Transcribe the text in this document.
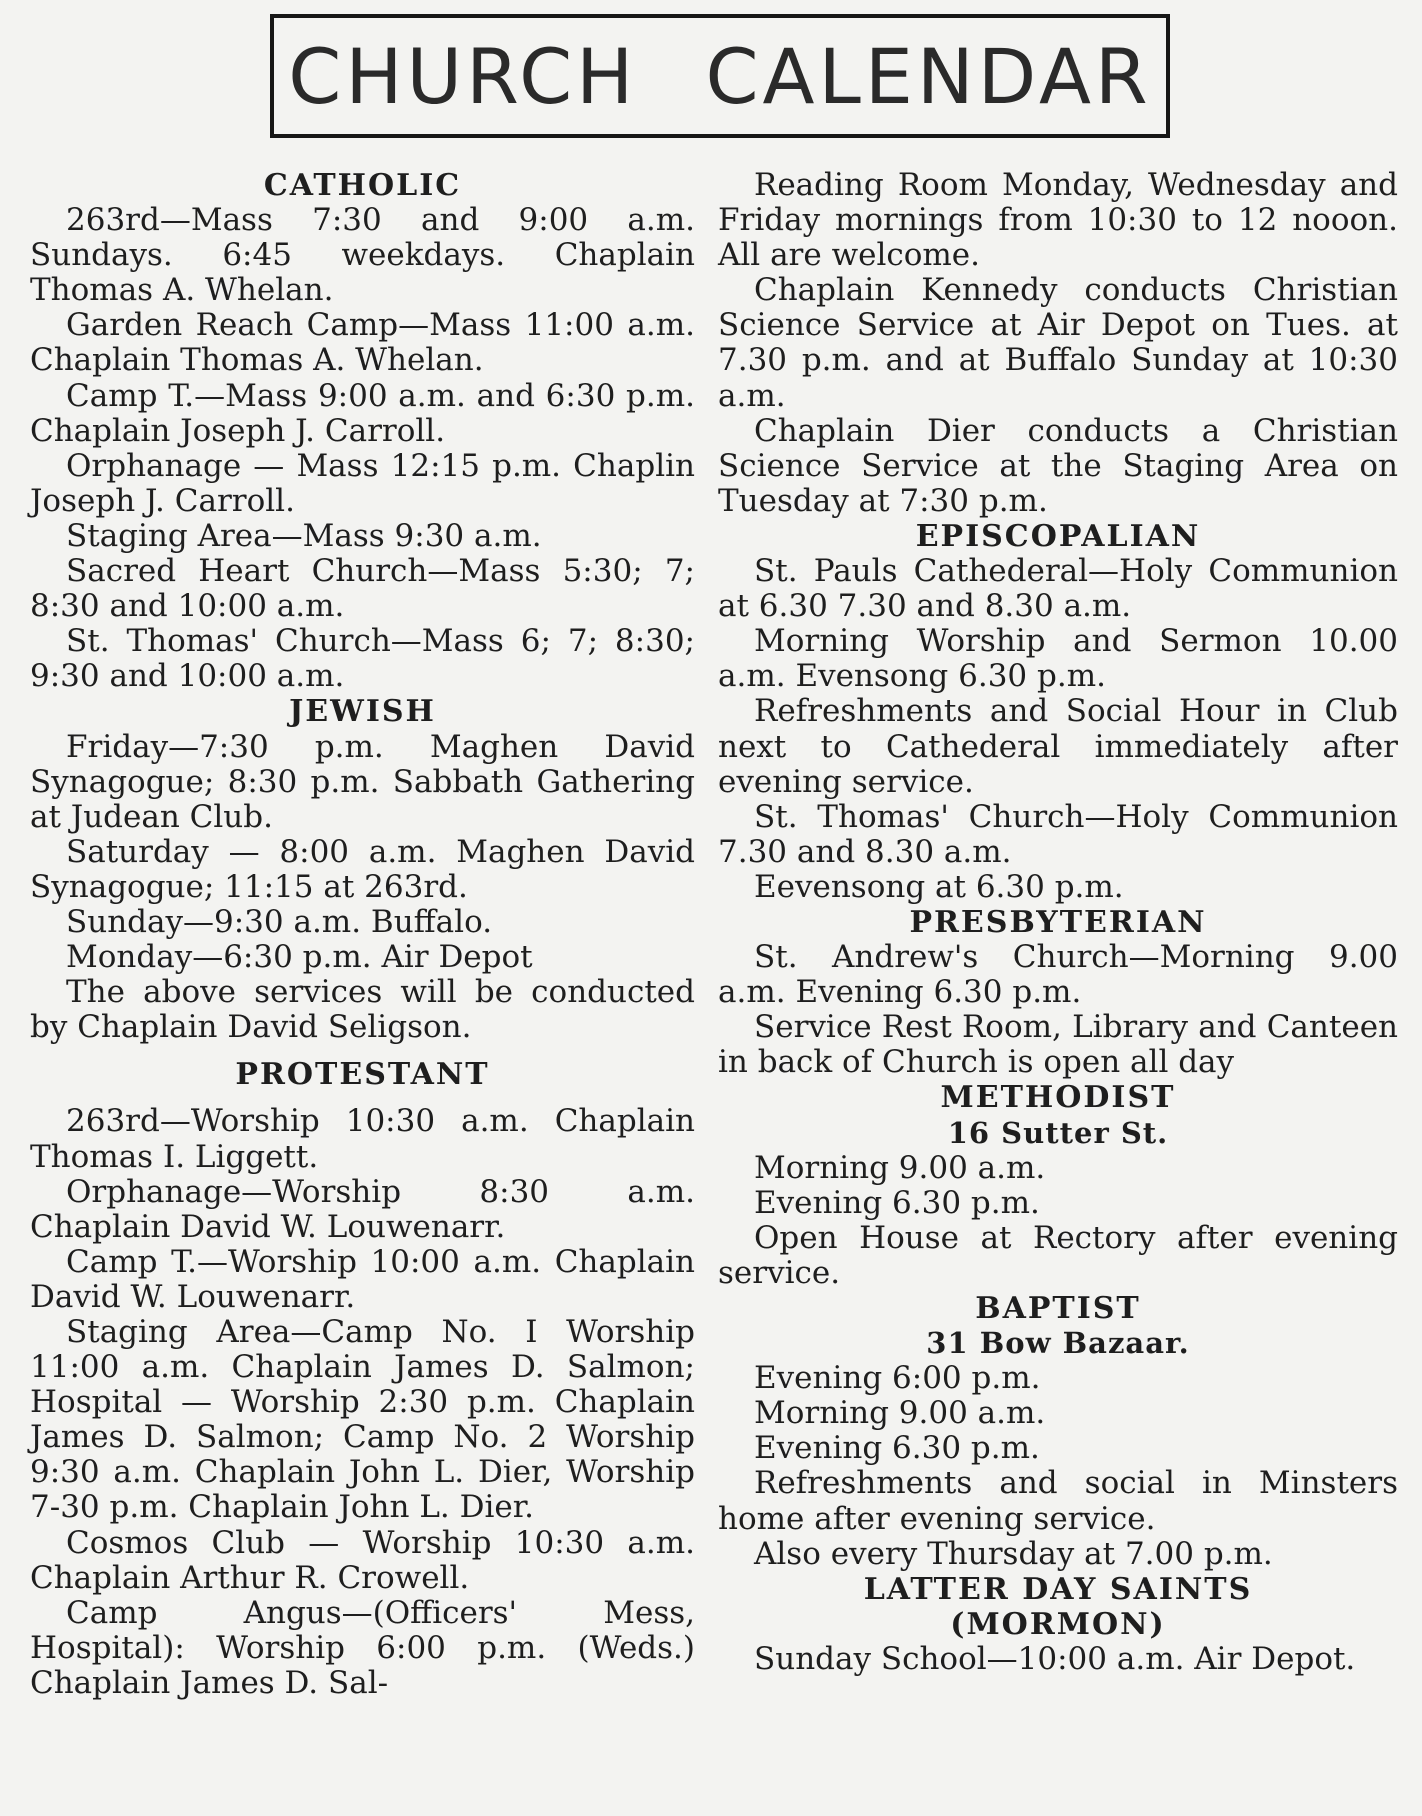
CHURCH CALENDAR
CATHOLIC

263rd—Mass 7:30 and 9:00 a.m. Sundays. 6:45 weekdays. Chaplain Thomas A. Whelan.

Garden Reach Camp—Mass 11:00 a.m. Chaplain Thomas A. Whelan.

Camp T.—Mass 9:00 a.m. and 6:30 p.m. Chaplain Joseph J. Carroll.

Orphanage — Mass 12:15 p.m. Chaplin Joseph J. Carroll.

Staging Area—Mass 9:30 a.m.

Sacred Heart Church—Mass 5:30; 7; 8:30 and 10:00 a.m.

St. Thomas' Church—Mass 6; 7; 8:30; 9:30 and 10:00 a.m.

JEWISH

Friday—7:30 p.m. Maghen David Synagogue; 8:30 p.m. Sabbath Gathering at Judean Club.

Saturday — 8:00 a.m. Maghen David Synagogue; 11:15 at 263rd.

Sunday—9:30 a.m. Buffalo.

Monday—6:30 p.m. Air Depot

The above services will be conducted by Chaplain David Seligson.

PROTESTANT

263rd—Worship 10:30 a.m. Chaplain Thomas I. Liggett.

Orphanage—Worship 8:30 a.m. Chaplain David W. Louwenarr.

Camp T.—Worship 10:00 a.m. Chaplain David W. Louwenarr.

Staging Area—Camp No. I Worship 11:00 a.m. Chaplain James D. Salmon; Hospital — Worship 2:30 p.m. Chaplain James D. Salmon; Camp No. 2 Worship 9:30 a.m. Chaplain John L. Dier, Worship 7-30 p.m. Chaplain John L. Dier.

Cosmos Club — Worship 10:30 a.m. Chaplain Arthur R. Crowell.

Camp Angus—(Officers' Mess, Hospital): Worship 6:00 p.m. (Weds.) Chaplain James D. Sal-

Reading Room Monday, Wednesday and Friday mornings from 10:30 to 12 nooon. All are welcome.

Chaplain Kennedy conducts Christian Science Service at Air Depot on Tues. at 7.30 p.m. and at Buffalo Sunday at 10:30 a.m.

Chaplain Dier conducts a Christian Science Service at the Staging Area on Tuesday at 7:30 p.m.

EPISCOPALIAN

St. Pauls Cathederal—Holy Communion at 6.30 7.30 and 8.30 a.m.

Morning Worship and Sermon 10.00 a.m. Evensong 6.30 p.m.

Refreshments and Social Hour in Club next to Cathederal immediately after evening service.

St. Thomas' Church—Holy Communion 7.30 and 8.30 a.m.

Eevensong at 6.30 p.m.

PRESBYTERIAN

St. Andrew's Church—Morning 9.00 a.m. Evening 6.30 p.m.

Service Rest Room, Library and Canteen in back of Church is open all day

METHODIST
16 Sutter St.

Morning 9.00 a.m.

Evening 6.30 p.m.

Open House at Rectory after evening service.

BAPTIST
31 Bow Bazaar.

Evening 6:00 p.m.

Morning 9.00 a.m.

Evening 6.30 p.m.

Refreshments and social in Minsters home after evening service.

Also every Thursday at 7.00 p.m.

LATTER DAY SAINTS
(MORMON)

Sunday School—10:00 a.m. Air Depot.
